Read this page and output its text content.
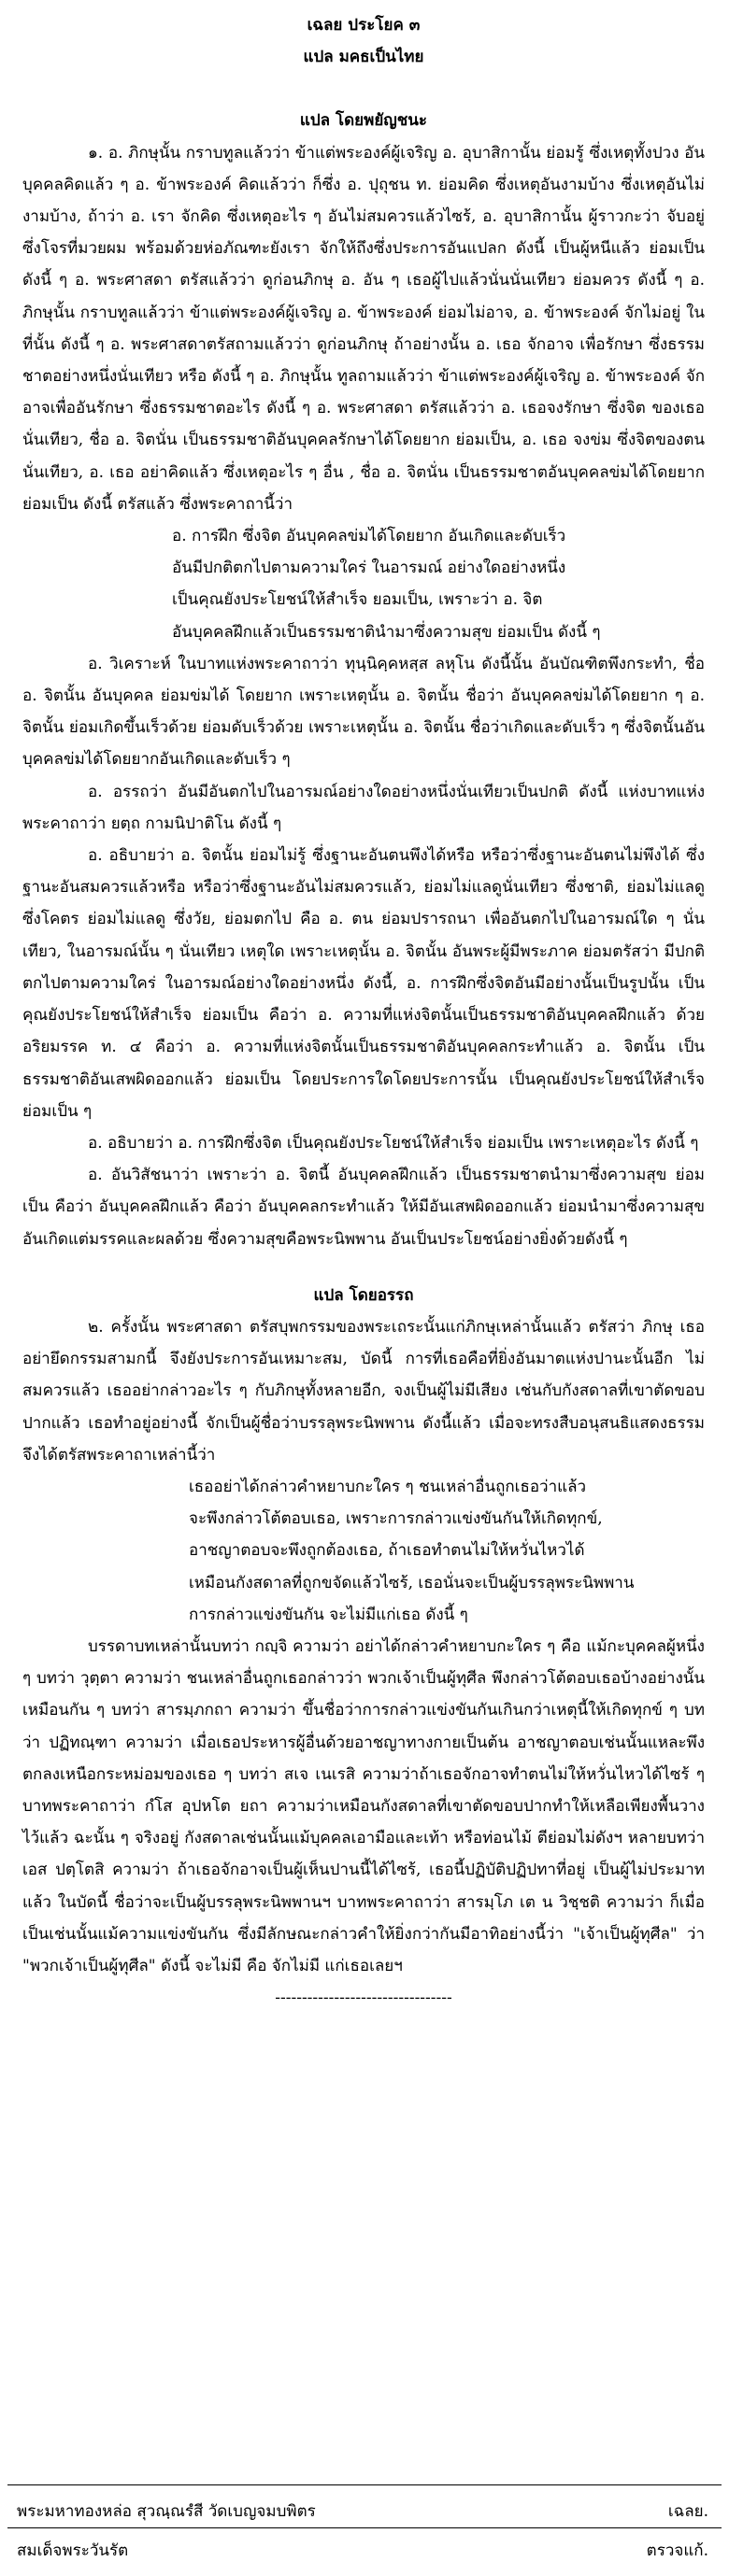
เฉลย ประโยค ๓

แปล มคธเป็นไทย

แปล โดยพยัญชนะ

๑. อ. ภิกษุนั้น กราบทูลแล้วว่า ข้าแต่พระองค์ผู้เจริญ อ. อุบาสิกานั้น ย่อมรู้ ซึ่งเหตุทั้งปวง อันบุคคลคิดแล้ว ๆ อ. ข้าพระองค์ คิดแล้วว่า ก็ซึ่ง อ. ปุถุชน ท. ย่อมคิด ซึ่งเหตุอันงามบ้าง ซึ่งเหตุอันไม่งามบ้าง, ถ้าว่า อ. เรา จักคิด ซึ่งเหตุอะไร ๆ อันไม่สมควรแล้วไซร้, อ. อุบาสิกานั้น ผู้ราวกะว่า จับอยู่ซึ่งโจรที่มวยผม พร้อมด้วยห่อภัณฑะยังเรา จักให้ถึงซึ่งประการอันแปลก ดังนี้ เป็นผู้หนีแล้ว ย่อมเป็น ดังนี้ ๆ อ. พระศาสดา ตรัสแล้วว่า ดูก่อนภิกษุ อ. อัน ๆ เธอผู้ไปแล้วนั่นนั่นเทียว ย่อมควร ดังนี้ ๆ อ. ภิกษุนั้น กราบทูลแล้วว่า ข้าแต่พระองค์ผู้เจริญ อ. ข้าพระองค์ ย่อมไม่อาจ, อ. ข้าพระองค์ จักไม่อยู่ ในที่นั้น ดังนี้ ๆ อ. พระศาสดาตรัสถามแล้วว่า ดูก่อนภิกษุ ถ้าอย่างนั้น อ. เธอ จักอาจ เพื่อรักษา ซึ่งธรรมชาตอย่างหนึ่งนั่นเทียว หรือ ดังนี้ ๆ อ. ภิกษุนั้น ทูลถามแล้วว่า ข้าแต่พระองค์ผู้เจริญ อ. ข้าพระองค์ จักอาจเพื่ออันรักษา ซึ่งธรรมชาตอะไร ดังนี้ ๆ อ. พระศาสดา ตรัสแล้วว่า อ. เธอจงรักษา ซึ่งจิต ของเธอนั่นเทียว, ชื่อ อ. จิตนั่น เป็นธรรมชาติอันบุคคลรักษาได้โดยยาก ย่อมเป็น, อ. เธอ จงข่ม ซึ่งจิตของตนนั่นเทียว, อ. เธอ อย่าคิดแล้ว ซึ่งเหตุอะไร ๆ อื่น , ชื่อ อ. จิตนั่น เป็นธรรมชาตอันบุคคลข่มได้โดยยาก ย่อมเป็น ดังนี้ ตรัสแล้ว ซึ่งพระคาถานี้ว่า

อ. การฝึก ซึ่งจิต อันบุคคลข่มได้โดยยาก อันเกิดและดับเร็ว

อันมีปกติตกไปตามความใคร่ ในอารมณ์ อย่างใดอย่างหนึ่ง

เป็นคุณยังประโยชน์ให้สำเร็จ ยอมเป็น, เพราะว่า อ. จิต

อันบุคคลฝึกแล้วเป็นธรรมชาตินำมาซึ่งความสุข ย่อมเป็น ดังนี้ ๆ

อ. วิเคราะห์ ในบาทแห่งพระคาถาว่า ทุนฺนิคฺคหสฺส ลหุโน ดังนี้นั้น อันบัณฑิตพึงกระทำ, ชื่อ อ. จิตนั้น อันบุคคล ย่อมข่มได้ โดยยาก เพราะเหตุนั้น อ. จิตนั้น ชื่อว่า อันบุคคลข่มได้โดยยาก ๆ อ. จิตนั้น ย่อมเกิดขึ้นเร็วด้วย ย่อมดับเร็วด้วย เพราะเหตุนั้น อ. จิตนั้น ชื่อว่าเกิดและดับเร็ว ๆ ซึ่งจิตนั้นอันบุคคลข่มได้โดยยากอันเกิดและดับเร็ว ๆ

อ. อรรถว่า อันมีอันตกไปในอารมณ์อย่างใดอย่างหนึ่งนั่นเทียวเป็นปกติ ดังนี้ แห่งบาทแห่งพระคาถาว่า ยตฺถ กามนิปาติโน ดังนี้ ๆ

อ. อธิบายว่า อ. จิตนั้น ย่อมไม่รู้ ซึ่งฐานะอันตนพึงได้หรือ หรือว่าซึ่งฐานะอันตนไม่พึงได้ ซึ่งฐานะอันสมควรแล้วหรือ หรือว่าซึ่งฐานะอันไม่สมควรแล้ว, ย่อมไม่แลดูนั่นเทียว ซึ่งชาติ, ย่อมไม่แลดู ซึ่งโคตร ย่อมไม่แลดู ซึ่งวัย, ย่อมตกไป คือ อ. ตน ย่อมปรารถนา เพื่ออันตกไปในอารมณ์ใด ๆ นั่นเทียว, ในอารมณ์นั้น ๆ นั่นเทียว เหตุใด เพราะเหตุนั้น อ. จิตนั้น อันพระผู้มีพระภาค ย่อมตรัสว่า มีปกติตกไปตามความใคร่ ในอารมณ์อย่างใดอย่างหนึ่ง ดังนี้, อ. การฝึกซึ่งจิตอันมีอย่างนั้นเป็นรูปนั้น เป็นคุณยังประโยชน์ให้สำเร็จ ย่อมเป็น คือว่า อ. ความที่แห่งจิตนั้นเป็นธรรมชาติอันบุคคลฝึกแล้ว ด้วยอริยมรรค ท. ๔ คือว่า อ. ความที่แห่งจิตนั้นเป็นธรรมชาติอันบุคคลกระทำแล้ว อ. จิตนั้น เป็นธรรมชาติอันเสพผิดออกแล้ว ย่อมเป็น โดยประการใดโดยประการนั้น เป็นคุณยังประโยชน์ให้สำเร็จ ย่อมเป็น ๆ

อ. อธิบายว่า อ. การฝึกซึ่งจิต เป็นคุณยังประโยชน์ให้สำเร็จ ย่อมเป็น เพราะเหตุอะไร ดังนี้ ๆ

อ. อันวิสัชนาว่า เพราะว่า อ. จิตนี้ อันบุคคลฝึกแล้ว เป็นธรรมชาตนำมาซึ่งความสุข ย่อมเป็น คือว่า อันบุคคลฝึกแล้ว คือว่า อันบุคคลกระทำแล้ว ให้มีอันเสพผิดออกแล้ว ย่อมนำมาซึ่งความสุขอันเกิดแต่มรรคและผลด้วย ซึ่งความสุขคือพระนิพพาน อันเป็นประโยชน์อย่างยิ่งด้วยดังนี้ ๆ

แปล โดยอรรถ

๒. ครั้งนั้น พระศาสดา ตรัสบุพกรรมของพระเถระนั้นแก่ภิกษุเหล่านั้นแล้ว ตรัสว่า ภิกษุ เธออย่ายึดกรรมสามกนี้ จึงยังประการอันเหมาะสม, บัดนี้ การที่เธอคือที่ยิ่งอันมาตแห่งปานะนั้นอีก ไม่สมควรแล้ว เธออย่ากล่าวอะไร ๆ กับภิกษุทั้งหลายอีก, จงเป็นผู้ไม่มีเสียง เช่นกับกังสดาลที่เขาตัดขอบปากแล้ว เธอทำอยู่อย่างนี้ จักเป็นผู้ชื่อว่าบรรลุพระนิพพาน ดังนี้แล้ว เมื่อจะทรงสืบอนุสนธิแสดงธรรมจึงได้ตรัสพระคาถาเหล่านี้ว่า

เธออย่าได้กล่าวคำหยาบกะใคร ๆ ชนเหล่าอื่นถูกเธอว่าแล้ว

จะพึงกล่าวโต้ตอบเธอ, เพราะการกล่าวแข่งขันกันให้เกิดทุกข์,

อาชญาตอบจะพึงถูกต้องเธอ, ถ้าเธอทำตนไม่ให้หวั่นไหวได้

เหมือนกังสดาลที่ถูกขจัดแล้วไซร้, เธอนั่นจะเป็นผู้บรรลุพระนิพพาน

การกล่าวแข่งขันกัน จะไม่มีแก่เธอ ดังนี้ ๆ

บรรดาบทเหล่านั้นบทว่า กญฺจิ ความว่า อย่าได้กล่าวคำหยาบกะใคร ๆ คือ แม้กะบุคคลผู้หนึ่ง ๆ บทว่า วุตฺตา ความว่า ชนเหล่าอื่นถูกเธอกล่าวว่า พวกเจ้าเป็นผู้ทุศีล พึงกล่าวโต้ตอบเธอบ้างอย่างนั้นเหมือนกัน ๆ บทว่า สารมฺภกถา ความว่า ขึ้นชื่อว่าการกล่าวแข่งขันกันเกินกว่าเหตุนี้ให้เกิดทุกข์ ๆ บทว่า ปฏิทณฺฑา ความว่า เมื่อเธอประหารผู้อื่นด้วยอาชญาทางกายเป็นต้น อาชญาตอบเช่นนั้นแหละพึงตกลงเหนือกระหม่อมของเธอ ๆ บทว่า สเจ เนเรสิ ความว่าถ้าเธอจักอาจทำตนไม่ให้หวั่นไหวได้ไซร้ ๆ บาทพระคาถาว่า กํโส อุปหโต ยถา ความว่าเหมือนกังสดาลที่เขาตัดขอบปากทำให้เหลือเพียงพื้นวางไว้แล้ว ฉะนั้น ๆ จริงอยู่ กังสดาลเช่นนั้นแม้บุคคลเอามือและเท้า หรือท่อนไม้ ตีย่อมไม่ดังฯ หลายบทว่า เอส ปตฺโตสิ ความว่า ถ้าเธอจักอาจเป็นผู้เห็นปานนี้ได้ไซร้, เธอนี้ปฏิบัติปฏิปทาที่อยู่ เป็นผู้ไม่ประมาทแล้ว ในบัดนี้ ชื่อว่าจะเป็นผู้บรรลุพระนิพพานฯ บาทพระคาถาว่า สารมฺโภ เต น วิชฺชติ ความว่า ก็เมื่อเป็นเช่นนั้นแม้ความแข่งขันกัน ซึ่งมีลักษณะกล่าวคำให้ยิ่งกว่ากันมีอาทิอย่างนี้ว่า "เจ้าเป็นผู้ทุศีล" ว่า "พวกเจ้าเป็นผู้ทุศีล" ดังนี้ จะไม่มี คือ จักไม่มี แก่เธอเลยฯ

---------------------------------

พระมหาทองหล่อ สุวณฺณรํสี วัดเบญจมบพิตร	เฉลย.
สมเด็จพระวันรัต	ตรวจแก้.
